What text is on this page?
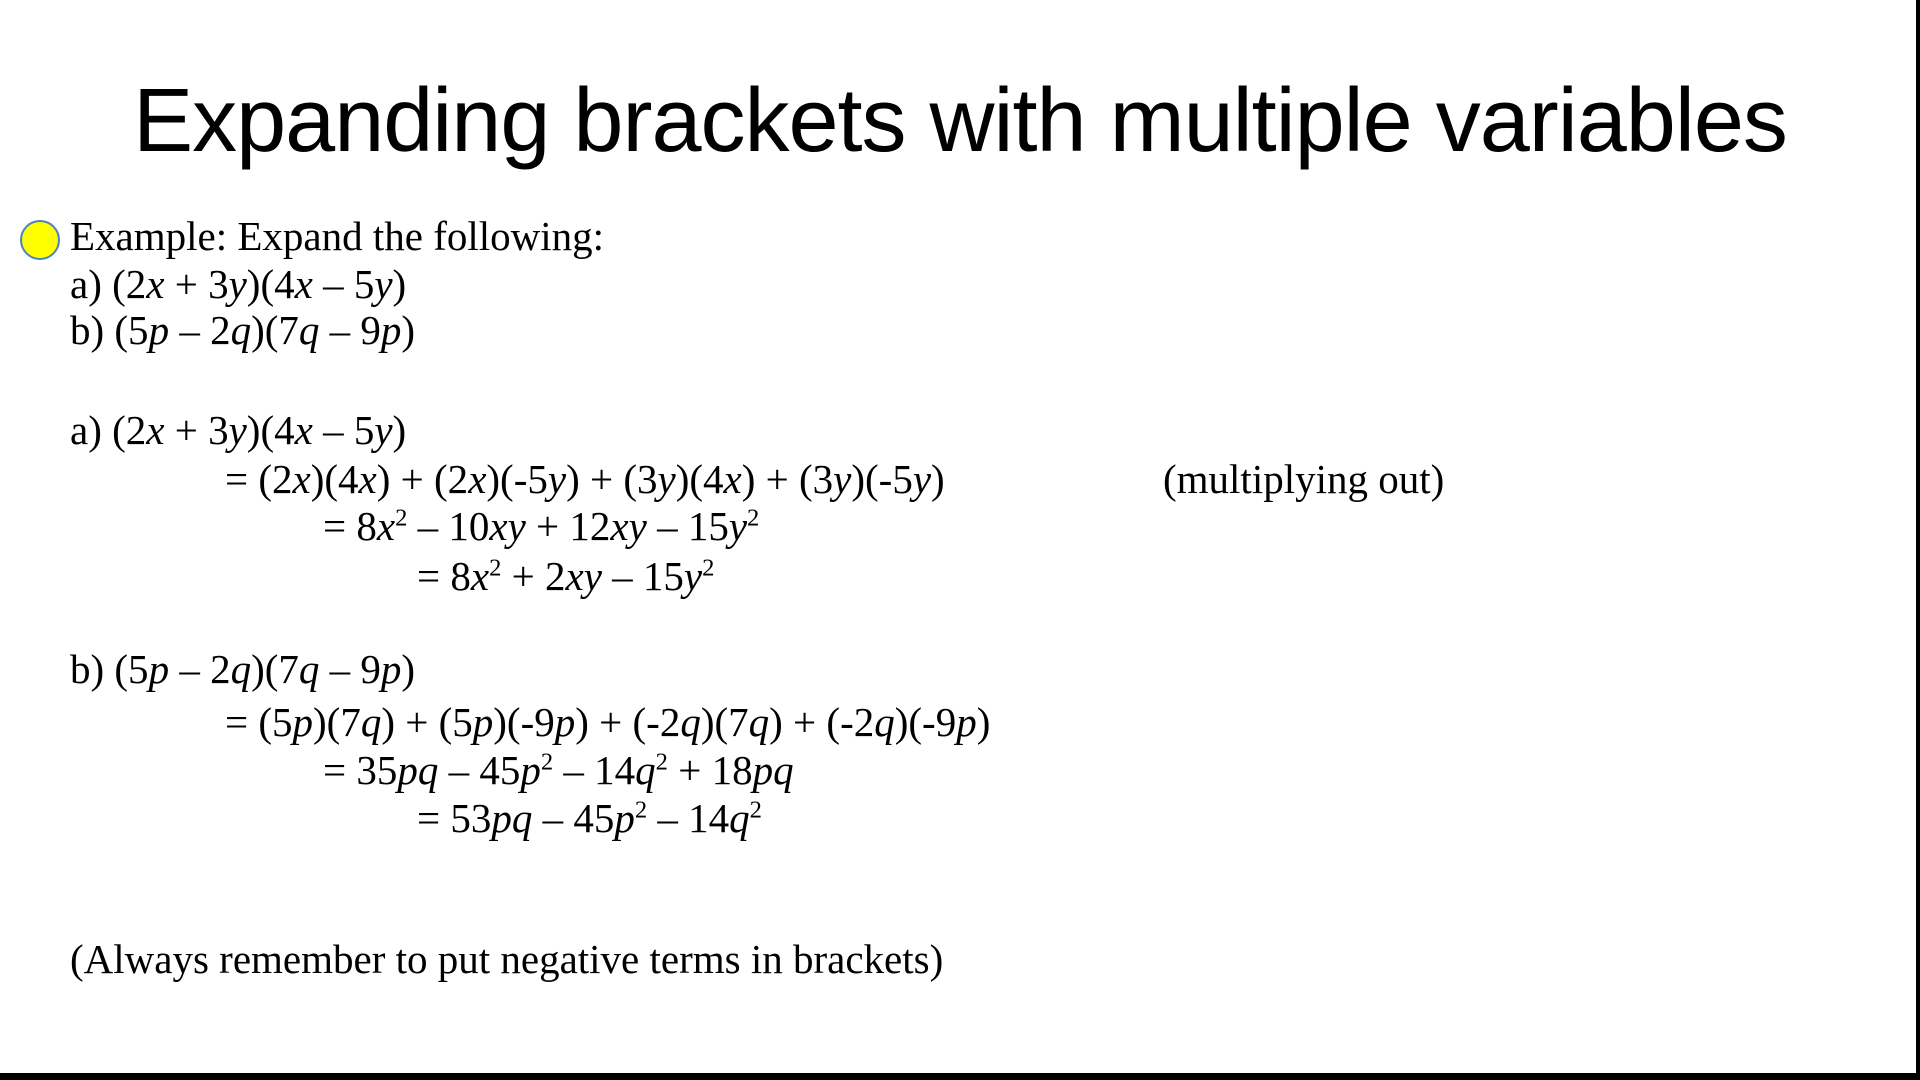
Expanding brackets with multiple variables
Example: Expand the following:
a) (2x + 3y)(4x – 5y)
b) (5p – 2q)(7q – 9p)
a) (2x + 3y)(4x – 5y)
= (2x)(4x) + (2x)(-5y) + (3y)(4x) + (3y)(-5y)	(multiplying out)
= $8x^2 - 10xy + 12xy - 15y^2$
= $8x^2 + 2xy - 15y^2$
b) (5p – 2q)(7q – 9p)
= (5p)(7q) + (5p)(-9p) + (-2q)(7q) + (-2q)(-9p)
= $35pq - 45p^2 - 14q^2 + 18pq$
= $53pq - 45p^2 - 14q^2$
(Always remember to put negative terms in brackets)
